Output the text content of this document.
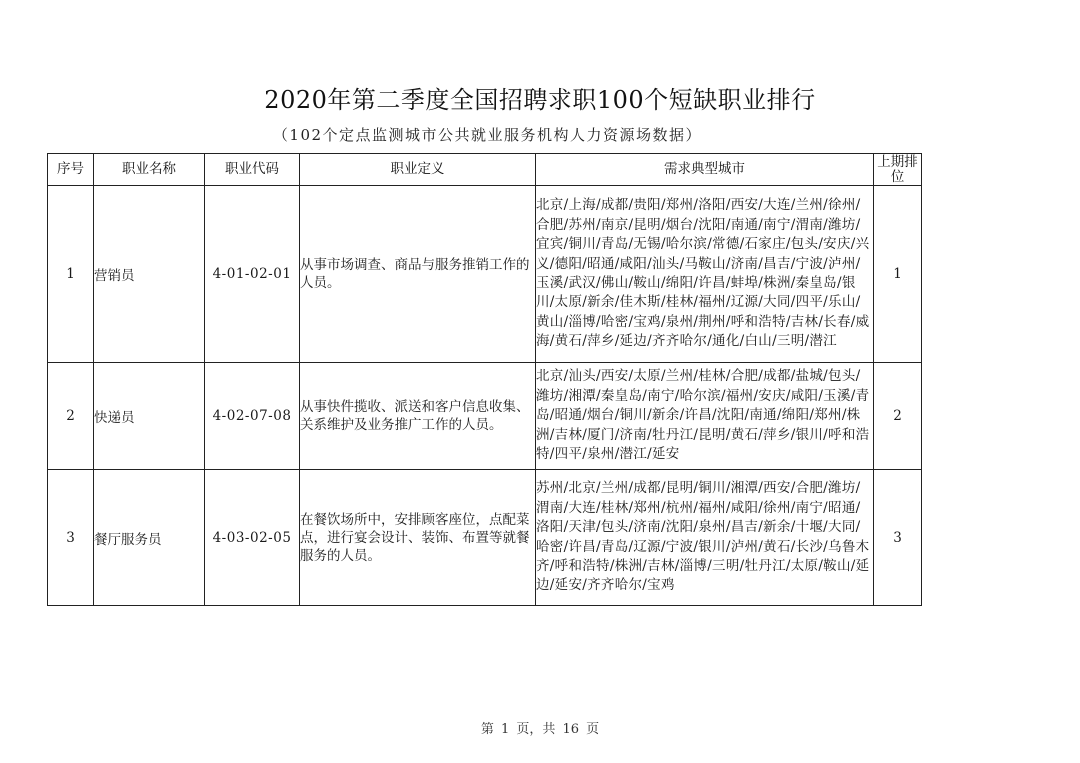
2020年第二季度全国招聘求职100个短缺职业排行
（102个定点监测城市公共就业服务机构人力资源场数据）
序号	职业名称	职业代码	职业定义	需求典型城市	上期排位
1	营销员	4-01-02-01	从事市场调查、商品与服务推销工作的人员。	北京/上海/成都/贵阳/郑州/洛阳/西安/大连/兰州/徐州/合肥/苏州/南京/昆明/烟台/沈阳/南通/南宁/渭南/潍坊/宜宾/铜川/青岛/无锡/哈尔滨/常德/石家庄/包头/安庆/兴义/德阳/昭通/咸阳/汕头/马鞍山/济南/昌吉/宁波/泸州/玉溪/武汉/佛山/鞍山/绵阳/许昌/蚌埠/株洲/秦皇岛/银川/太原/新余/佳木斯/桂林/福州/辽源/大同/四平/乐山/黄山/淄博/哈密/宝鸡/泉州/荆州/呼和浩特/吉林/长春/威海/黄石/萍乡/延边/齐齐哈尔/通化/白山/三明/潜江	1
2	快递员	4-02-07-08	从事快件揽收、派送和客户信息收集、关系维护及业务推广工作的人员。	北京/汕头/西安/太原/兰州/桂林/合肥/成都/盐城/包头/潍坊/湘潭/秦皇岛/南宁/哈尔滨/福州/安庆/咸阳/玉溪/青岛/昭通/烟台/铜川/新余/许昌/沈阳/南通/绵阳/郑州/株洲/吉林/厦门/济南/牡丹江/昆明/黄石/萍乡/银川/呼和浩特/四平/泉州/潜江/延安	2
3	餐厅服务员	4-03-02-05	在餐饮场所中，安排顾客座位，点配菜点，进行宴会设计、装饰、布置等就餐服务的人员。	苏州/北京/兰州/成都/昆明/铜川/湘潭/西安/合肥/潍坊/渭南/大连/桂林/郑州/杭州/福州/咸阳/徐州/南宁/昭通/洛阳/天津/包头/济南/沈阳/泉州/昌吉/新余/十堰/大同/哈密/许昌/青岛/辽源/宁波/银川/泸州/黄石/长沙/乌鲁木齐/呼和浩特/株洲/吉林/淄博/三明/牡丹江/太原/鞍山/延边/延安/齐齐哈尔/宝鸡	3
第 1 页，共 16 页
